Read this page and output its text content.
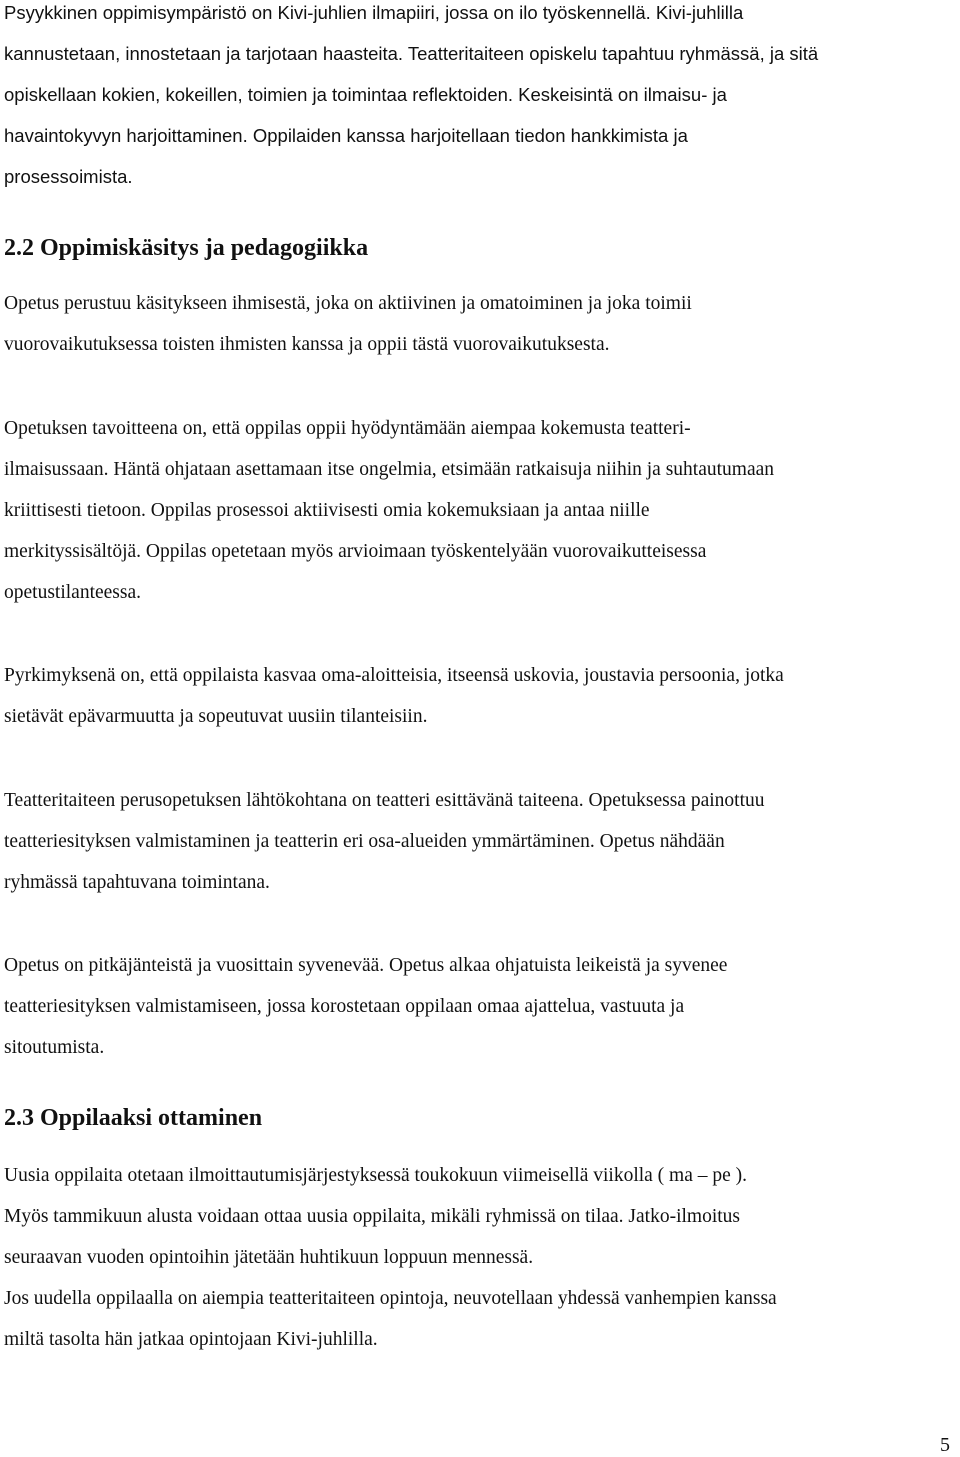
Psyykkinen oppimisympäristö on Kivi-juhlien ilmapiiri, jossa on ilo työskennellä. Kivi-juhlilla
kannustetaan, innostetaan ja tarjotaan haasteita. Teatteritaiteen opiskelu tapahtuu ryhmässä, ja sitä
opiskellaan kokien, kokeillen, toimien ja toimintaa reflektoiden. Keskeisintä on ilmaisu- ja
havaintokyvyn harjoittaminen. Oppilaiden kanssa harjoitellaan tiedon hankkimista ja
prosessoimista.

2.2 Oppimiskäsitys ja pedagogiikka

Opetus perustuu käsitykseen ihmisestä, joka on aktiivinen ja omatoiminen ja joka toimii
vuorovaikutuksessa toisten ihmisten kanssa ja oppii tästä vuorovaikutuksesta.

Opetuksen tavoitteena on, että oppilas oppii hyödyntämään aiempaa kokemusta teatteri-
ilmaisussaan. Häntä ohjataan asettamaan itse ongelmia, etsimään ratkaisuja niihin ja suhtautumaan
kriittisesti tietoon. Oppilas prosessoi aktiivisesti omia kokemuksiaan ja antaa niille
merkityssisältöjä. Oppilas opetetaan myös arvioimaan työskentelyään vuorovaikutteisessa
opetustilanteessa.

Pyrkimyksenä on, että oppilaista kasvaa oma-aloitteisia, itseensä uskovia, joustavia persoonia, jotka
sietävät epävarmuutta ja sopeutuvat uusiin tilanteisiin.

Teatteritaiteen perusopetuksen lähtökohtana on teatteri esittävänä taiteena. Opetuksessa painottuu
teatteriesityksen valmistaminen ja teatterin eri osa-alueiden ymmärtäminen. Opetus nähdään
ryhmässä tapahtuvana toimintana.

Opetus on pitkäjänteistä ja vuosittain syvenevää. Opetus alkaa ohjatuista leikeistä ja syvenee
teatteriesityksen valmistamiseen, jossa korostetaan oppilaan omaa ajattelua, vastuuta ja
sitoutumista.

2.3 Oppilaaksi ottaminen

Uusia oppilaita otetaan ilmoittautumisjärjestyksessä toukokuun viimeisellä viikolla ( ma – pe ).
Myös tammikuun alusta voidaan ottaa uusia oppilaita, mikäli ryhmissä on tilaa. Jatko-ilmoitus
seuraavan vuoden opintoihin jätetään huhtikuun loppuun mennessä.
Jos uudella oppilaalla on aiempia teatteritaiteen opintoja, neuvotellaan yhdessä vanhempien kanssa
miltä tasolta hän jatkaa opintojaan Kivi-juhlilla.

5
